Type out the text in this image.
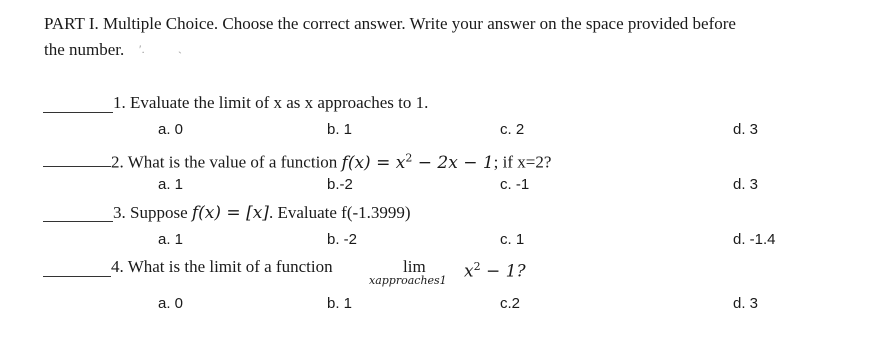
PART I. Multiple Choice. Choose the correct answer. Write your answer on the space provided before
the number. ′.	ˎ
1. Evaluate the limit of x as x approaches to 1.
a. 0	b. 1	c. 2	d. 3
2. What is the value of a function $f(x) = x^2 - 2x - 1$; if x=2?
a. 1	b.-2	c. -1	d. 3
3. Suppose f(x) = [x]. Evaluate f(-1.3999)
a. 1	b. -2	c. 1	d. -1.4
4. What is the limit of a function	lim
xapproaches1 $x^2 - 1$?
a. 0	b. 1	c.2	d. 3
